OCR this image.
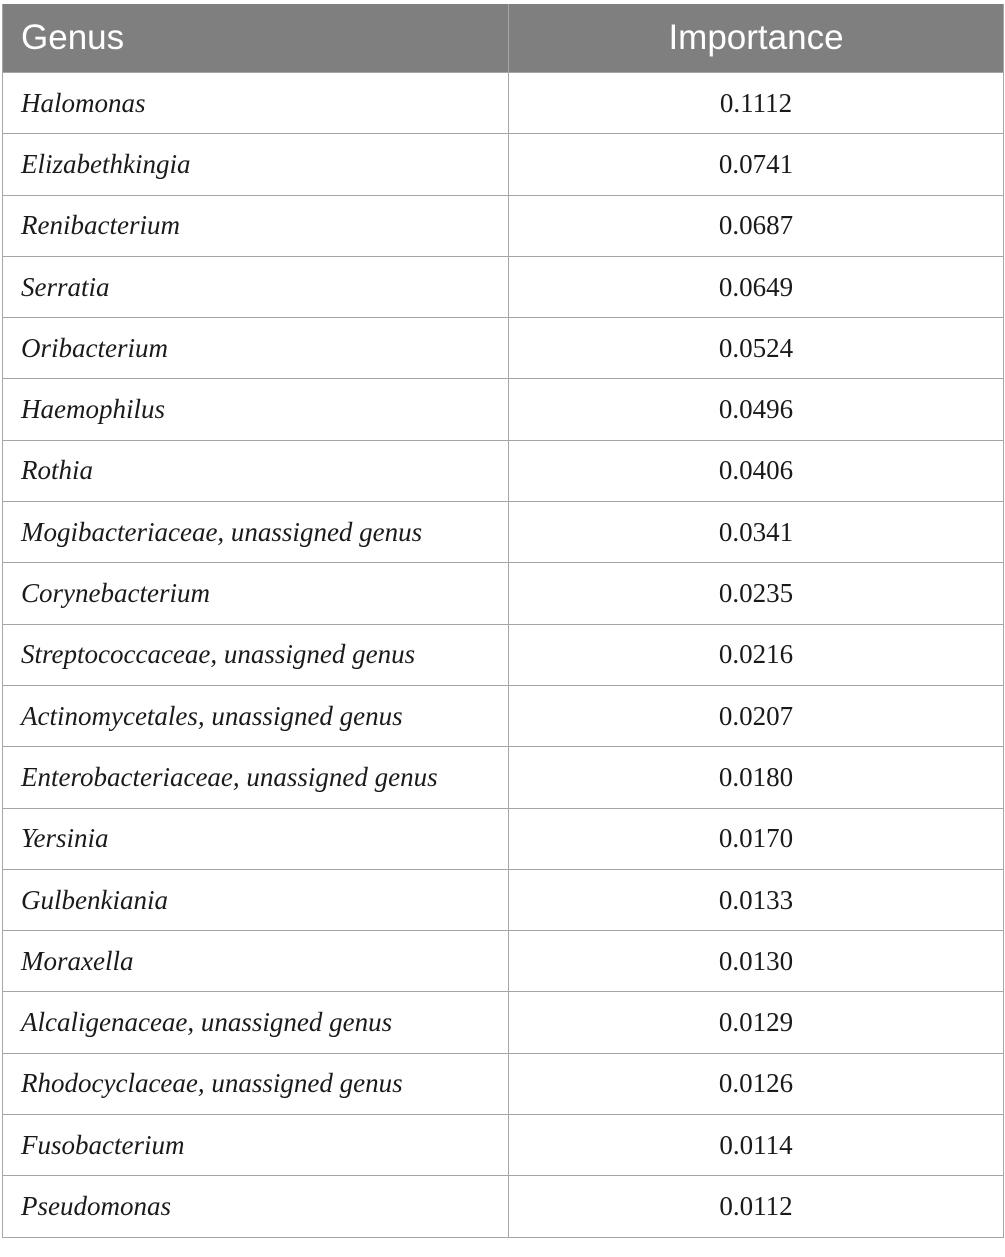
Genus	Importance
Halomonas	0.1112
Elizabethkingia	0.0741
Renibacterium	0.0687
Serratia	0.0649
Oribacterium	0.0524
Haemophilus	0.0496
Rothia	0.0406
Mogibacteriaceae, unassigned genus	0.0341
Corynebacterium	0.0235
Streptococcaceae, unassigned genus	0.0216
Actinomycetales, unassigned genus	0.0207
Enterobacteriaceae, unassigned genus	0.0180
Yersinia	0.0170
Gulbenkiania	0.0133
Moraxella	0.0130
Alcaligenaceae, unassigned genus	0.0129
Rhodocyclaceae, unassigned genus	0.0126
Fusobacterium	0.0114
Pseudomonas	0.0112
